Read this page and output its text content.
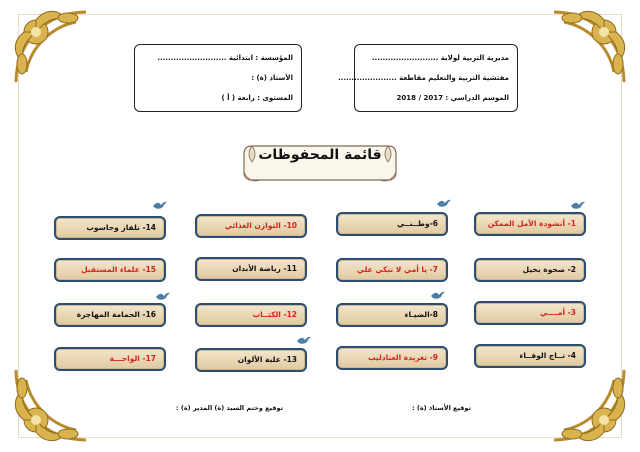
المؤسسة : ابتدائية ..........................
الأستاذ (ة) :
المستوى : رابعة ( أ )
مديرية التربية لولاية .........................
مفتشية التربية والتعليم مقاطعة ......................
الموسم الدراسي : 2017 / 2018
قائمة المحفوظات
1- أنشودة الأمل الممكن
2- صحوة بخيل
3- أمــــي
4- تــاج الوفــاء
6-وطــنــي
7- يا أمي لا تبكي علي
8-الضيـاء
9- تغريدة العنادليب
10- التوازن الغذائي
11- رياضة الأبدان
12- الكتــاب
13- علبة الألوان
14- تلفاز وحاسوب
15- علماء المستقبل
16- الحمامة المهاجرة
17- الواحـــة
توقيع الأستاذ (ة) :
توقيع وختم السيد (ة) المدير (ة) :
